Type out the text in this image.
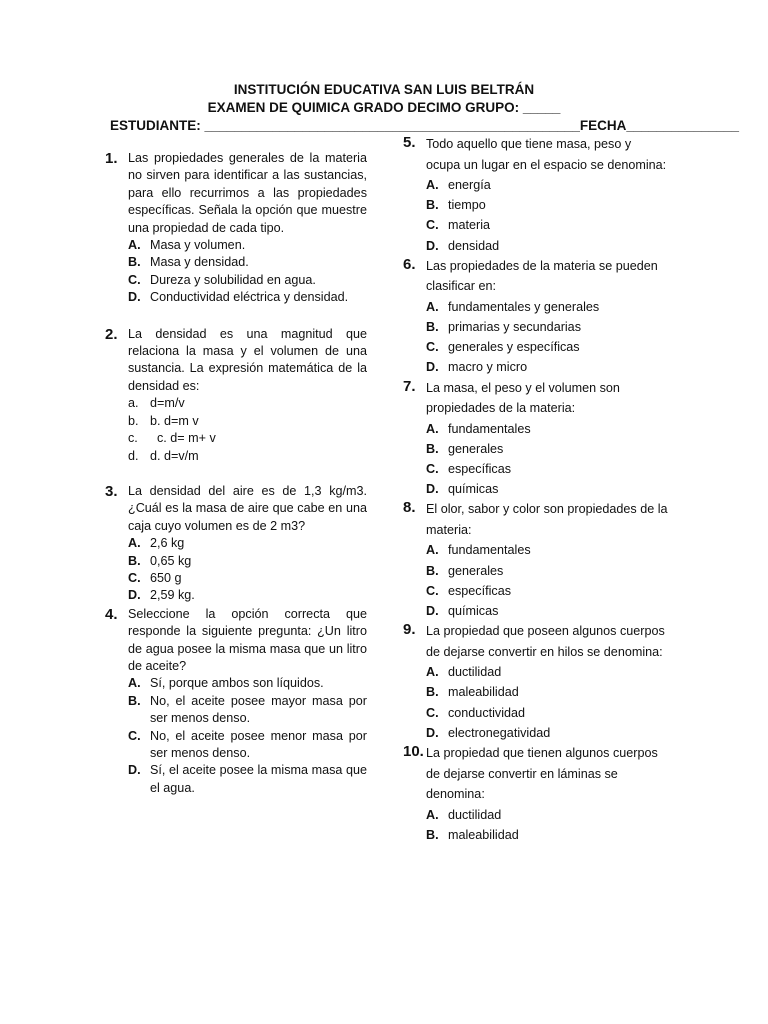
INSTITUCIÓN EDUCATIVA SAN LUIS BELTRÁN
EXAMEN DE QUIMICA GRADO DECIMO GRUPO: _____
ESTUDIANTE: __________________________________________________FECHA_______________
1. Las propiedades generales de la materia no sirven para identificar a las sustancias, para ello recurrimos a las propiedades específicas. Señala la opción que muestre una propiedad de cada tipo.
A. Masa y volumen.
B. Masa y densidad.
C. Dureza y solubilidad en agua.
D. Conductividad eléctrica y densidad.
2. La densidad es una magnitud que relaciona la masa y el volumen de una sustancia. La expresión matemática de la densidad es:
a. d=m/v
b. b. d=m v
c. c. d= m+ v
d. d. d=v/m
3. La densidad del aire es de 1,3 kg/m3. ¿Cuál es la masa de aire que cabe en una caja cuyo volumen es de 2 m3?
A. 2,6 kg
B. 0,65 kg
C. 650 g
D. 2,59 kg.
4. Seleccione la opción correcta que responde la siguiente pregunta: ¿Un litro de agua posee la misma masa que un litro de aceite?
A. Sí, porque ambos son líquidos.
B. No, el aceite posee mayor masa por ser menos denso.
C. No, el aceite posee menor masa por ser menos denso.
D. Sí, el aceite posee la misma masa que el agua.
5. Todo aquello que tiene masa, peso y ocupa un lugar en el espacio se denomina:
A. energía
B. tiempo
C. materia
D. densidad
6. Las propiedades de la materia se pueden clasificar en:
A. fundamentales y generales
B. primarias y secundarias
C. generales y específicas
D. macro y micro
7. La masa, el peso y el volumen son propiedades de la materia:
A. fundamentales
B. generales
C. específicas
D. químicas
8. El olor, sabor y color son propiedades de la materia:
A. fundamentales
B. generales
C. específicas
D. químicas
9. La propiedad que poseen algunos cuerpos de dejarse convertir en hilos se denomina:
A. ductilidad
B. maleabilidad
C. conductividad
D. electronegatividad
10. La propiedad que tienen algunos cuerpos de dejarse convertir en láminas se denomina:
A. ductilidad
B. maleabilidad
